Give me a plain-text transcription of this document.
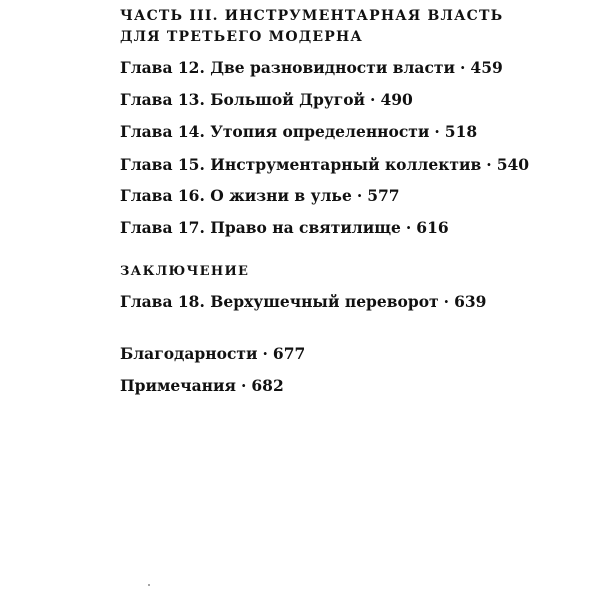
ЧАСТЬ III. ИНСТРУМЕНТАРНАЯ ВЛАСТЬ
ДЛЯ ТРЕТЬЕГО МОДЕРНА
Глава 12. Две разновидности власти · 459
Глава 13. Большой Другой · 490
Глава 14. Утопия определенности · 518
Глава 15. Инструментарный коллектив · 540
Глава 16. О жизни в улье · 577
Глава 17. Право на святилище · 616
ЗАКЛЮЧЕНИЕ
Глава 18. Верхушечный переворот · 639
Благодарности · 677
Примечания · 682
